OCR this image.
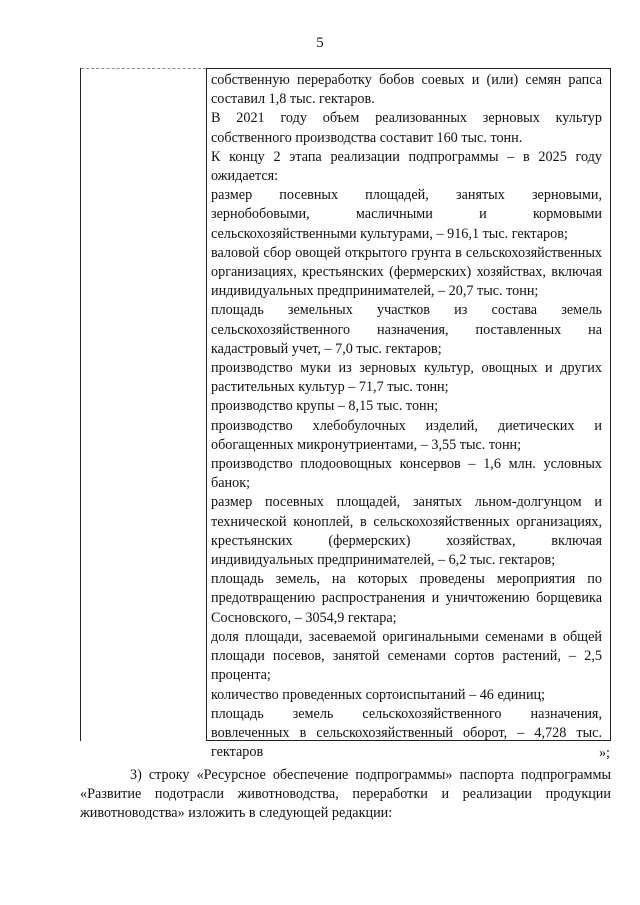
5

собственную переработку бобов соевых и (или) семян рапса составил 1,8 тыс. гектаров.

В 2021 году объем реализованных зерновых культур собственного производства составит 160 тыс. тонн.

К концу 2 этапа реализации подпрограммы – в 2025 году ожидается:

размер посевных площадей, занятых зерновыми, зернобобовыми, масличными и кормовыми сельскохозяйственными культурами, – 916,1 тыс. гектаров;

валовой сбор овощей открытого грунта в сельскохозяйственных организациях, крестьянских (фермерских) хозяйствах, включая индивидуальных предпринимателей, – 20,7 тыс. тонн;

площадь земельных участков из состава земель сельскохозяйственного назначения, поставленных на кадастровый учет, – 7,0 тыс. гектаров;

производство муки из зерновых культур, овощных и других растительных культур – 71,7 тыс. тонн;

производство крупы – 8,15 тыс. тонн;

производство хлебобулочных изделий, диетических и обогащенных микронутриентами, – 3,55 тыс. тонн;

производство плодоовощных консервов – 1,6 млн. условных банок;

размер посевных площадей, занятых льном-долгунцом и технической коноплей, в сельскохозяйственных организациях, крестьянских (фермерских) хозяйствах, включая индивидуальных предпринимателей, – 6,2 тыс. гектаров;

площадь земель, на которых проведены мероприятия по предотвращению распространения и уничтожению борщевика Сосновского, – 3054,9 гектара;

доля площади, засеваемой оригинальными семенами в общей площади посевов, занятой семенами сортов растений, – 2,5 процента;

количество проведенных сортоиспытаний – 46 единиц;

площадь земель сельскохозяйственного назначения, вовлеченных в сельскохозяйственный оборот, – 4,728 тыс. гектаров	»;

3) строку «Ресурсное обеспечение подпрограммы» паспорта подпрограммы «Развитие подотрасли животноводства, переработки и реализации продукции животноводства» изложить в следующей редакции:
